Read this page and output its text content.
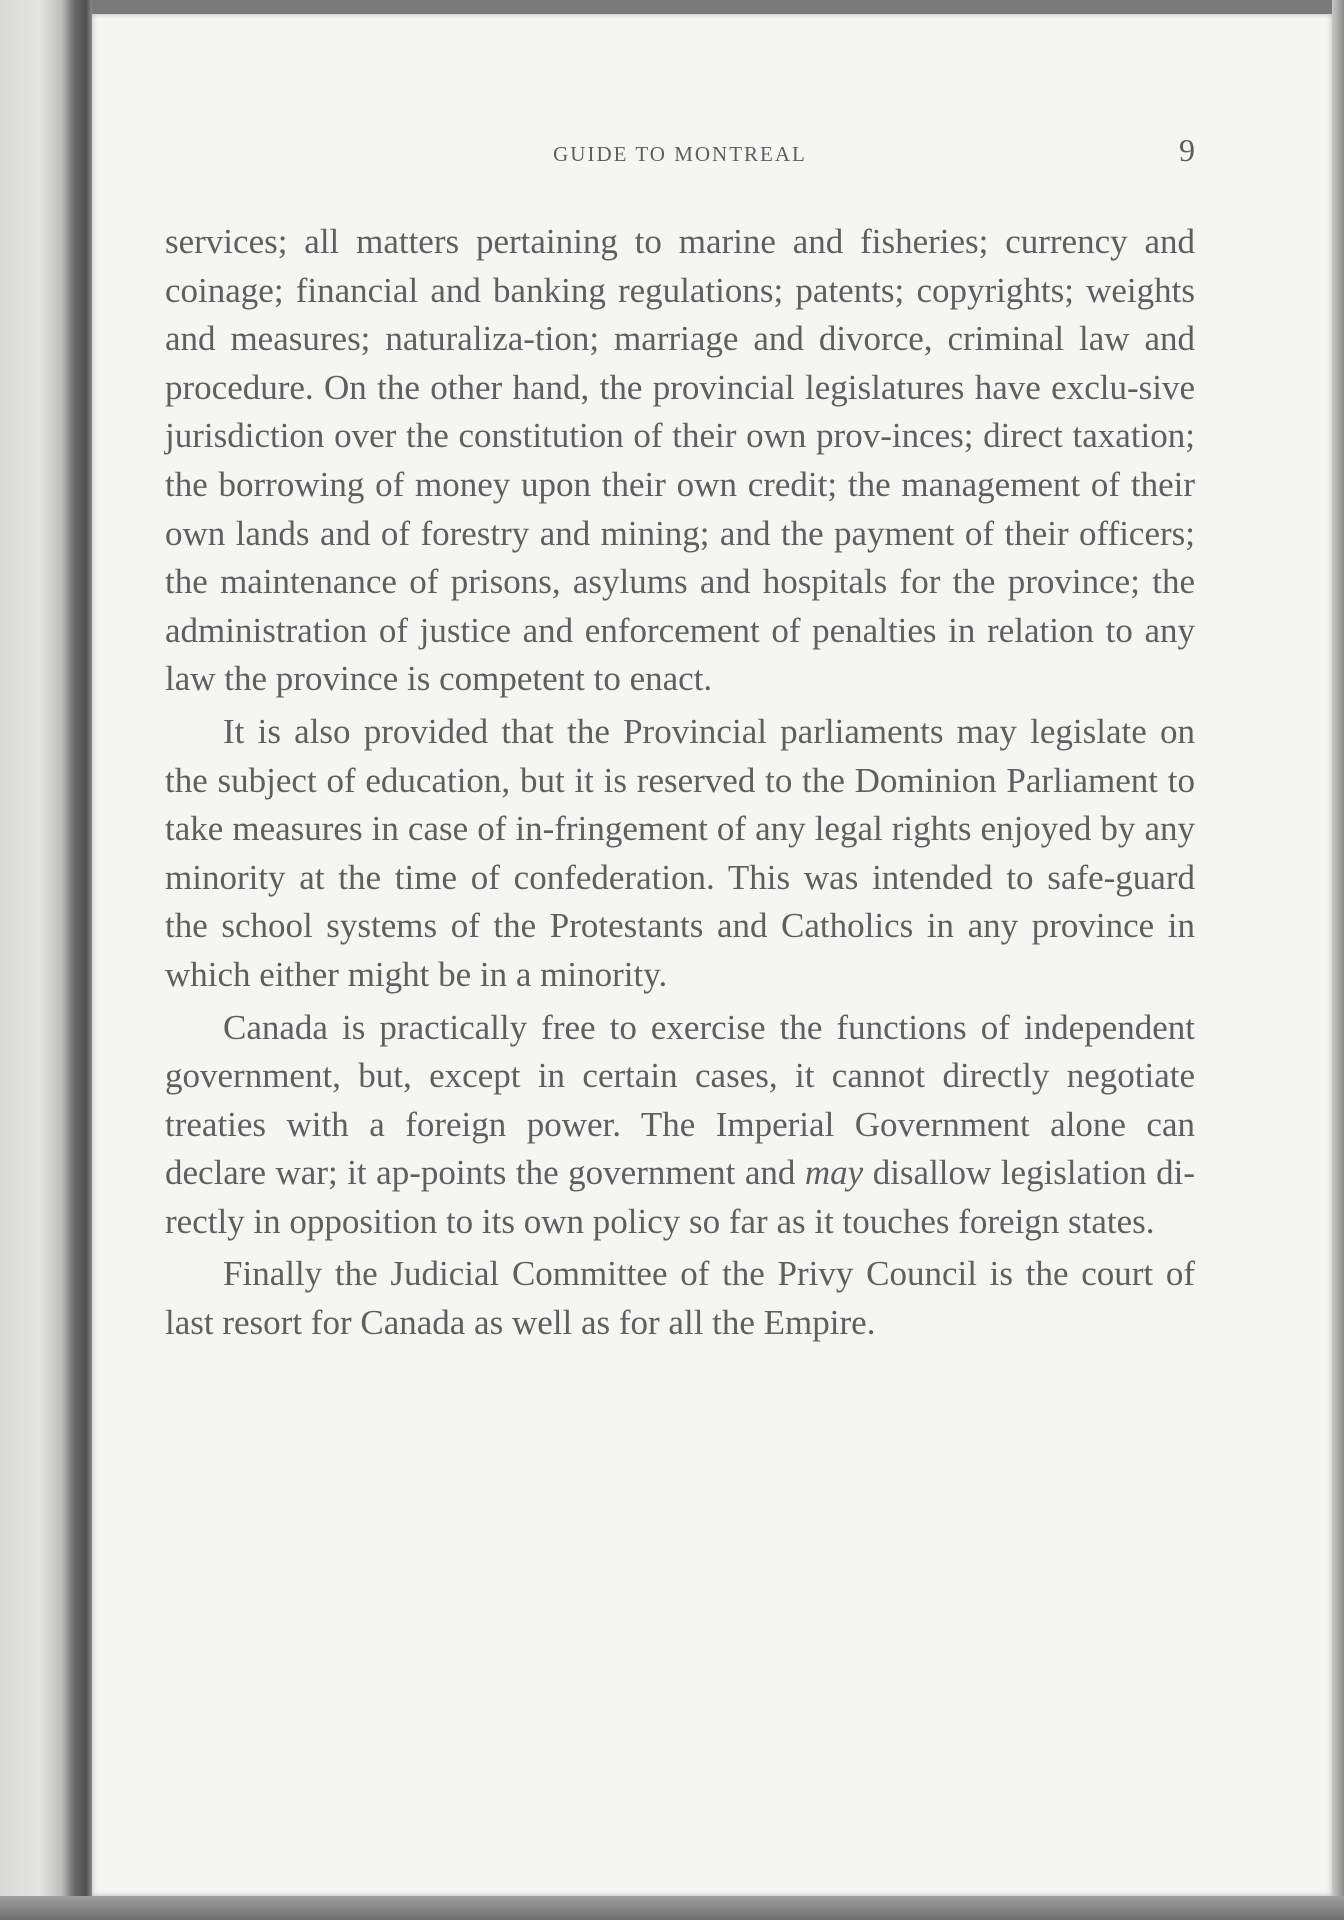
GUIDE TO MONTREAL	9

services; all matters pertaining to marine and fisheries; currency and coinage; financial and banking regulations; patents; copyrights; weights and measures; naturaliza-tion; marriage and divorce, criminal law and procedure. On the other hand, the provincial legislatures have exclu-sive jurisdiction over the constitution of their own prov-inces; direct taxation; the borrowing of money upon their own credit; the management of their own lands and of forestry and mining; and the payment of their officers; the maintenance of prisons, asylums and hospitals for the province; the administration of justice and enforcement of penalties in relation to any law the province is competent to enact.

It is also provided that the Provincial parliaments may legislate on the subject of education, but it is reserved to the Dominion Parliament to take measures in case of in-fringement of any legal rights enjoyed by any minority at the time of confederation. This was intended to safe-guard the school systems of the Protestants and Catholics in any province in which either might be in a minority.

Canada is practically free to exercise the functions of independent government, but, except in certain cases, it cannot directly negotiate treaties with a foreign power. The Imperial Government alone can declare war; it ap-points the government and may disallow legislation di-rectly in opposition to its own policy so far as it touches foreign states.

Finally the Judicial Committee of the Privy Council is the court of last resort for Canada as well as for all the Empire.
